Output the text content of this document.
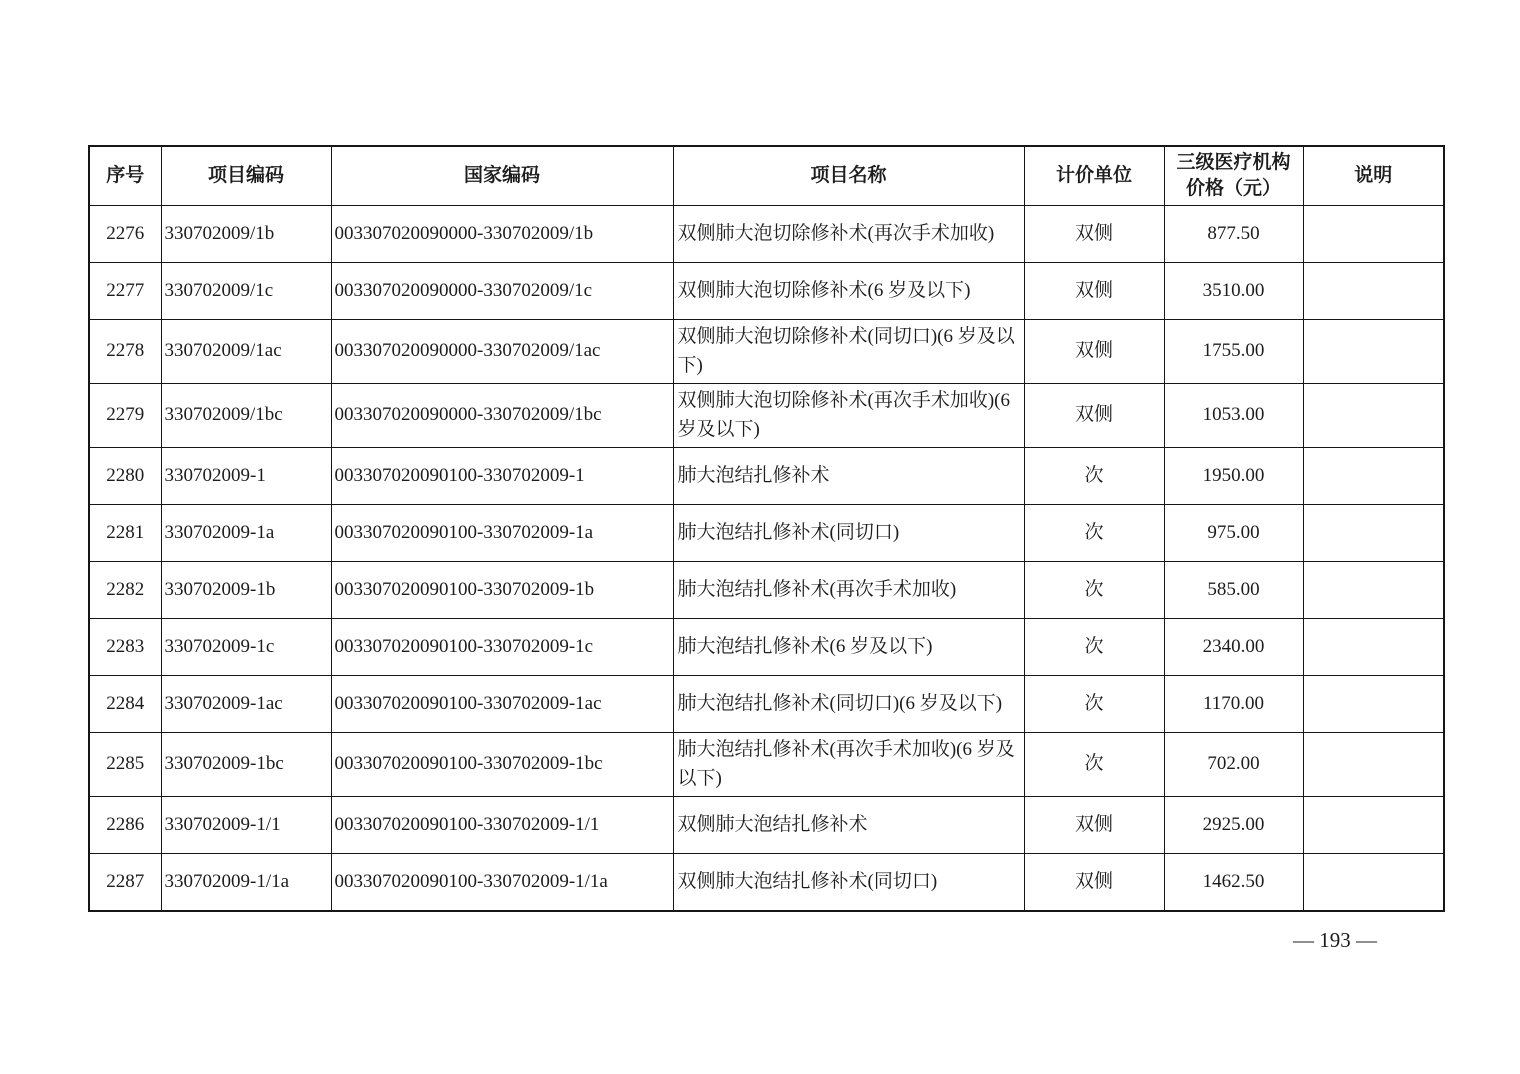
序号	项目编码	国家编码	项目名称	计价单位	三级医疗机构价格（元）	说明
2276	330702009/1b	003307020090000-330702009/1b	双侧肺大泡切除修补术(再次手术加收)	双侧	877.50	
2277	330702009/1c	003307020090000-330702009/1c	双侧肺大泡切除修补术(6 岁及以下)	双侧	3510.00	
2278	330702009/1ac	003307020090000-330702009/1ac	双侧肺大泡切除修补术(同切口)(6 岁及以下)	双侧	1755.00	
2279	330702009/1bc	003307020090000-330702009/1bc	双侧肺大泡切除修补术(再次手术加收)(6 岁及以下)	双侧	1053.00	
2280	330702009-1	003307020090100-330702009-1	肺大泡结扎修补术	次	1950.00	
2281	330702009-1a	003307020090100-330702009-1a	肺大泡结扎修补术(同切口)	次	975.00	
2282	330702009-1b	003307020090100-330702009-1b	肺大泡结扎修补术(再次手术加收)	次	585.00	
2283	330702009-1c	003307020090100-330702009-1c	肺大泡结扎修补术(6 岁及以下)	次	2340.00	
2284	330702009-1ac	003307020090100-330702009-1ac	肺大泡结扎修补术(同切口)(6 岁及以下)	次	1170.00	
2285	330702009-1bc	003307020090100-330702009-1bc	肺大泡结扎修补术(再次手术加收)(6 岁及以下)	次	702.00	
2286	330702009-1/1	003307020090100-330702009-1/1	双侧肺大泡结扎修补术	双侧	2925.00	
2287	330702009-1/1a	003307020090100-330702009-1/1a	双侧肺大泡结扎修补术(同切口)	双侧	1462.50	
— 193 —
